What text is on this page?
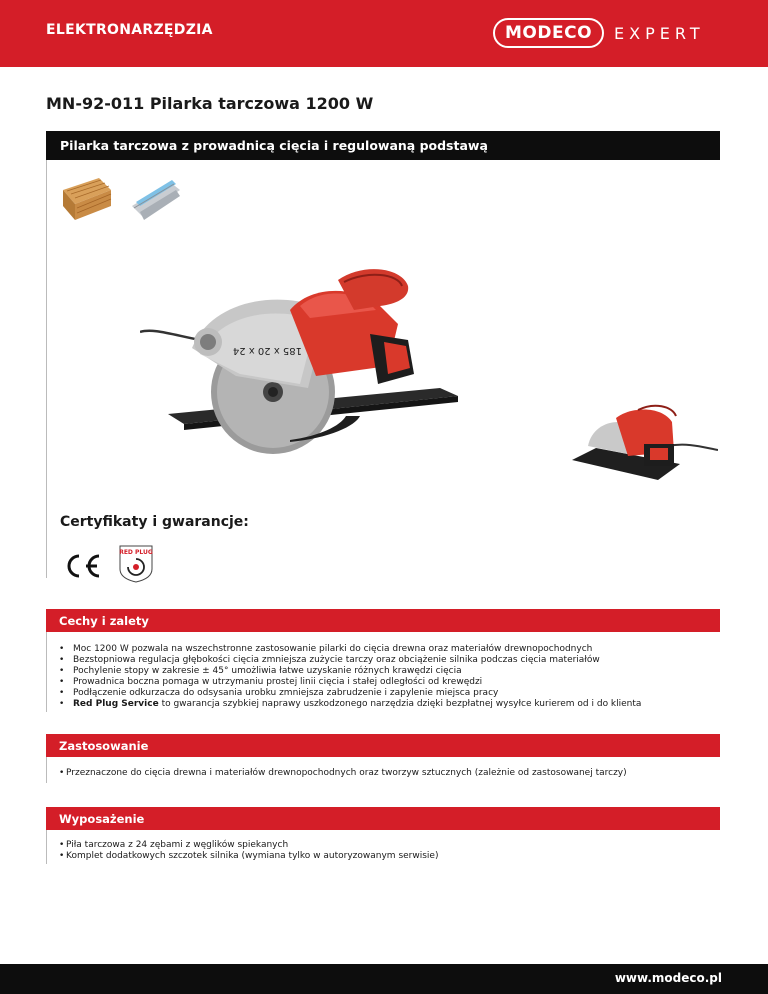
ELEKTRONARZĘDZIA	MODECO	EXPERT
MN-92-011 Pilarka tarczowa 1200 W
Pilarka tarczowa z prowadnicą cięcia i regulowaną podstawą
185 x 20 x 24
Certyfikaty i gwarancje:
RED PLUG
Cechy i zalety
• Moc 1200 W pozwala na wszechstronne zastosowanie pilarki do cięcia drewna oraz materiałów drewnopochodnych
• Bezstopniowa regulacja głębokości cięcia zmniejsza zużycie tarczy oraz obciążenie silnika podczas cięcia materiałów
• Pochylenie stopy w zakresie ± 45° umożliwia łatwe uzyskanie różnych krawędzi cięcia
• Prowadnica boczna pomaga w utrzymaniu prostej linii cięcia i stałej odległości od krewędzi
• Podłączenie odkurzacza do odsysania urobku zmniejsza zabrudzenie i zapylenie miejsca pracy
• Red Plug Service to gwarancja szybkiej naprawy uszkodzonego narzędzia dzięki bezpłatnej wysyłce kurierem od i do klienta
Zastosowanie
• Przeznaczone do cięcia drewna i materiałów drewnopochodnych oraz tworzyw sztucznych (zależnie od zastosowanej tarczy)
Wyposażenie
• Piła tarczowa z 24 zębami z węglików spiekanych
• Komplet dodatkowych szczotek silnika (wymiana tylko w autoryzowanym serwisie)
www.modeco.pl
